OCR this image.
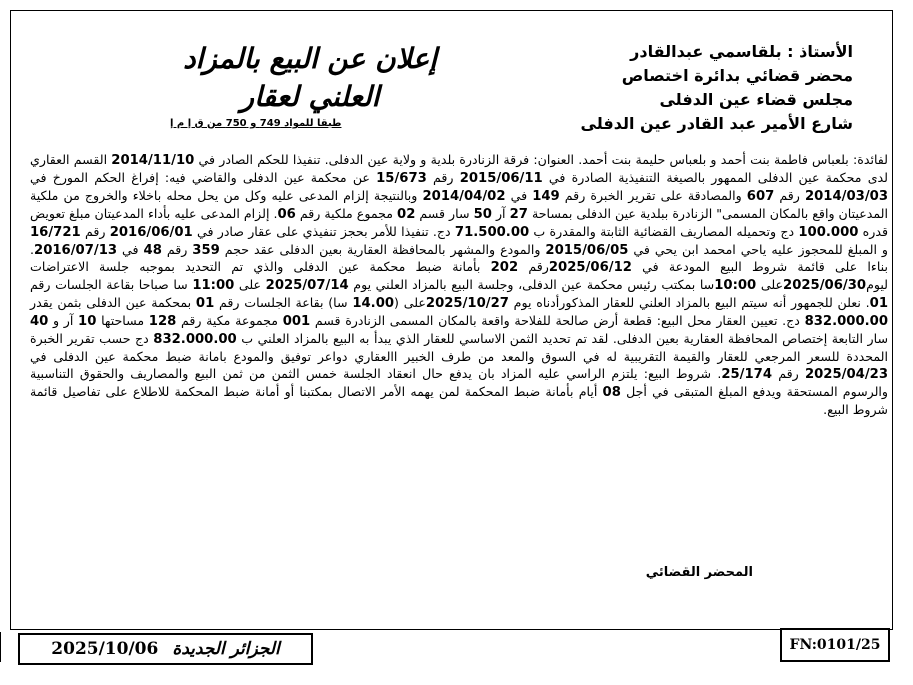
الأستاذ : بلقاسمي عبدالقادر
محضر قضائي بدائرة اختصاص
مجلس قضاء عين الدفلى
شارع الأمير عبد القادر عين الدفلى
إعلان عن البيع بالمزاد
العلني لعقار
طبقا للمواد 749 و 750 من ق إ م إ
لفائدة: بلعباس فاطمة بنت أحمد و بلعباس حليمة بنت أحمد. العنوان: فرقة الزنادرة بلدية و ولاية عين الدفلى. تنفيذا للحكم الصادر في 2014/11/10 القسم العقاري لدى محكمة عين الدفلى الممهور بالصيغة التنفيذية الصادرة في 2015/06/11 رقم 15/673 عن محكمة عين الدفلى والقاضي فيه: إفراغ الحكم المورخ في 2014/03/03 رقم 607 والمصادقة على تقرير الخبرة رقم 149 في 2014/04/02 وبالنتيجة إلزام المدعى عليه وكل من يحل محله باخلاء والخروج من ملكية المدعيتان واقع بالمكان المسمى" الزنادرة ببلدية عين الدفلى بمساحة 27 آر 50 سار قسم 02 مجموع ملكية رقم 06. إلزام المدعى عليه بأداء المدعيتان مبلغ تعويض قدره 100.000 دج وتحميله المصاريف القضائية الثابتة والمقدرة ب 71.500.00 دج. تنفيذا للأمر بحجز تنفيذي على عقار صادر في 2016/06/01 رقم 16/721 و المبلغ للمحجوز عليه ياحي امحمد ابن يحي في 2015/06/05 والمودع والمشهر بالمحافظة العقارية بعين الدفلى عقد حجم 359 رقم 48 في 2016/07/13. بناءا على قائمة شروط البيع المودعة في 2025/06/12رقم 202 بأمانة ضبط محكمة عين الدفلى والذي تم التحديد بموجبه جلسة الاعتراضات ليوم2025/06/30على 10:00سا بمكتب رئيس محكمة عين الدفلى، وجلسة البيع بالمزاد العلني يوم 2025/07/14 على 11:00 سا صباحا بقاعة الجلسات رقم 01. نعلن للجمهور أنه سيتم البيع بالمزاد العلني للعقار المذكورأدناه يوم 2025/10/27على (14.00 سا) بقاعة الجلسات رقم 01 بمحكمة عين الدفلى بثمن يقدر 832.000.00 دج. تعيين العقار محل البيع: قطعة أرض صالحة للفلاحة واقعة بالمكان المسمى الزنادرة قسم 001 مجموعة مكية رقم 128 مساحتها 10 آر و 40 سار التابعة إختصاص المحافظة العقارية بعين الدفلى. لقد تم تحديد الثمن الاساسي للعقار الذي يبدأ به البيع بالمزاد العلني ب 832.000.00 دج حسب تقرير الخبرة المحددة للسعر المرجعي للعقار والقيمة التقريبية له في السوق والمعد من طرف الخبير االعقاري دواعر توفيق والمودع بامانة ضبط محكمة عين الدفلى في 2025/04/23 رقم 25/174. شروط البيع: يلتزم الراسي عليه المزاد بان يدفع حال انعقاد الجلسة خمس الثمن من ثمن البيع والمصاريف والحقوق التناسبية والرسوم المستحقة ويدفع المبلغ المتبقى في أجل 08 أيام بأمانة ضبط المحكمة لمن يهمه الأمر الاتصال بمكتبنا أو أمانة ضبط المحكمة للاطلاع على تفاصيل قائمة شروط البيع.
المحضر القضائي
2025/10/06 الجزائر الجديدة	FN:0101/25
